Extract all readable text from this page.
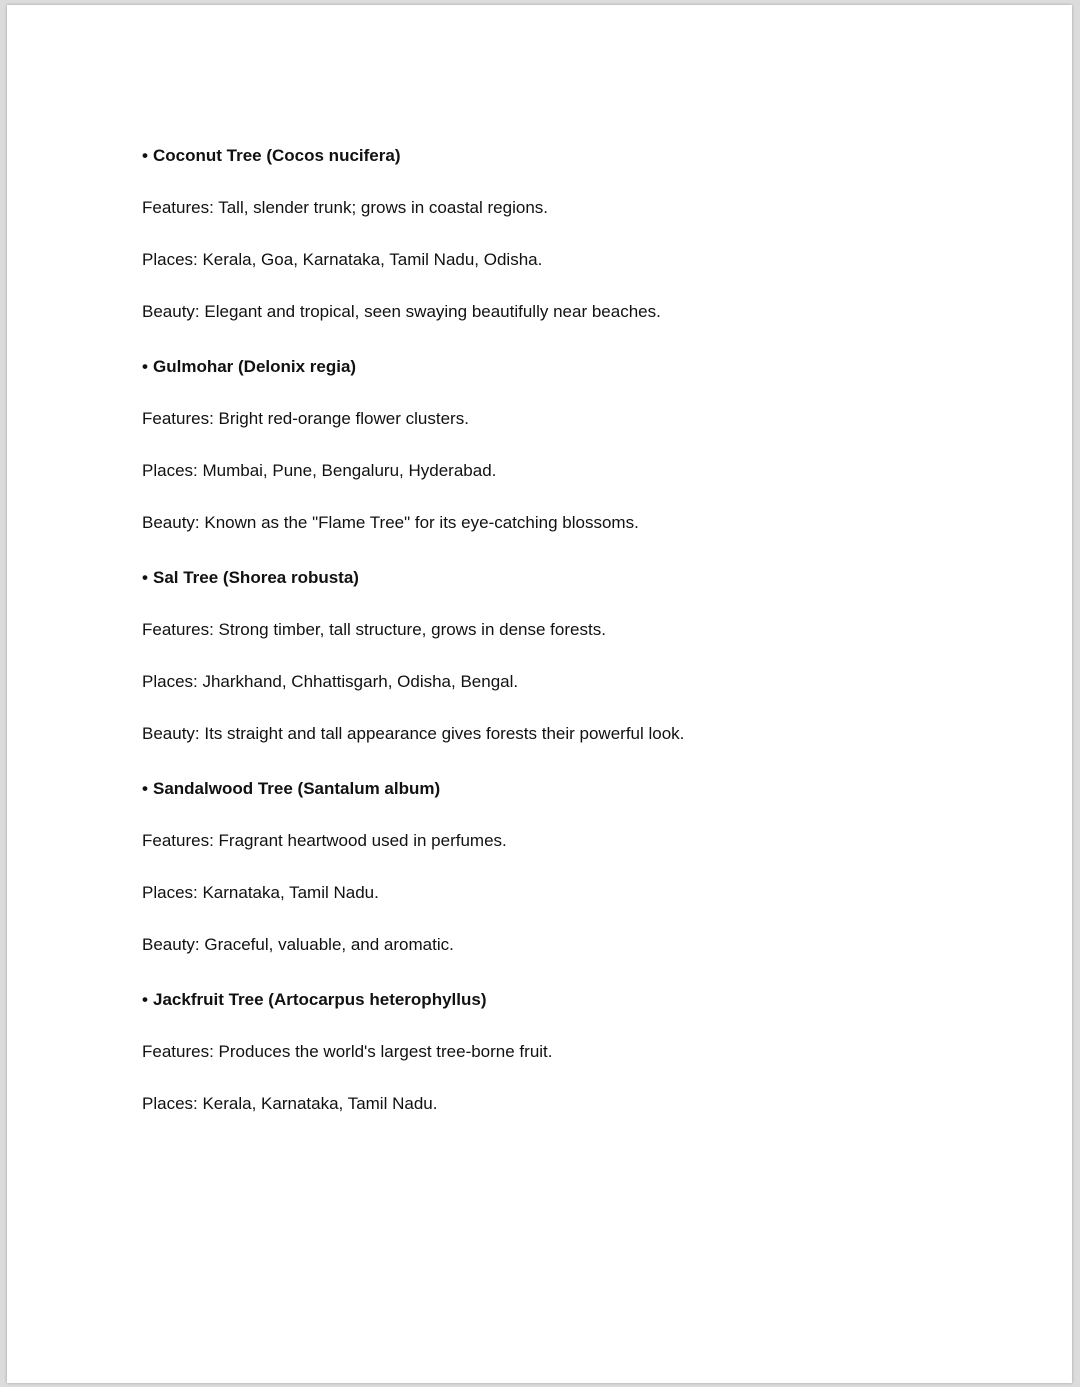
• Coconut Tree (Cocos nucifera)
Features: Tall, slender trunk; grows in coastal regions.
Places: Kerala, Goa, Karnataka, Tamil Nadu, Odisha.
Beauty: Elegant and tropical, seen swaying beautifully near beaches.
• Gulmohar (Delonix regia)
Features: Bright red-orange flower clusters.
Places: Mumbai, Pune, Bengaluru, Hyderabad.
Beauty: Known as the "Flame Tree" for its eye-catching blossoms.
• Sal Tree (Shorea robusta)
Features: Strong timber, tall structure, grows in dense forests.
Places: Jharkhand, Chhattisgarh, Odisha, Bengal.
Beauty: Its straight and tall appearance gives forests their powerful look.
• Sandalwood Tree (Santalum album)
Features: Fragrant heartwood used in perfumes.
Places: Karnataka, Tamil Nadu.
Beauty: Graceful, valuable, and aromatic.
• Jackfruit Tree (Artocarpus heterophyllus)
Features: Produces the world's largest tree-borne fruit.
Places: Kerala, Karnataka, Tamil Nadu.
